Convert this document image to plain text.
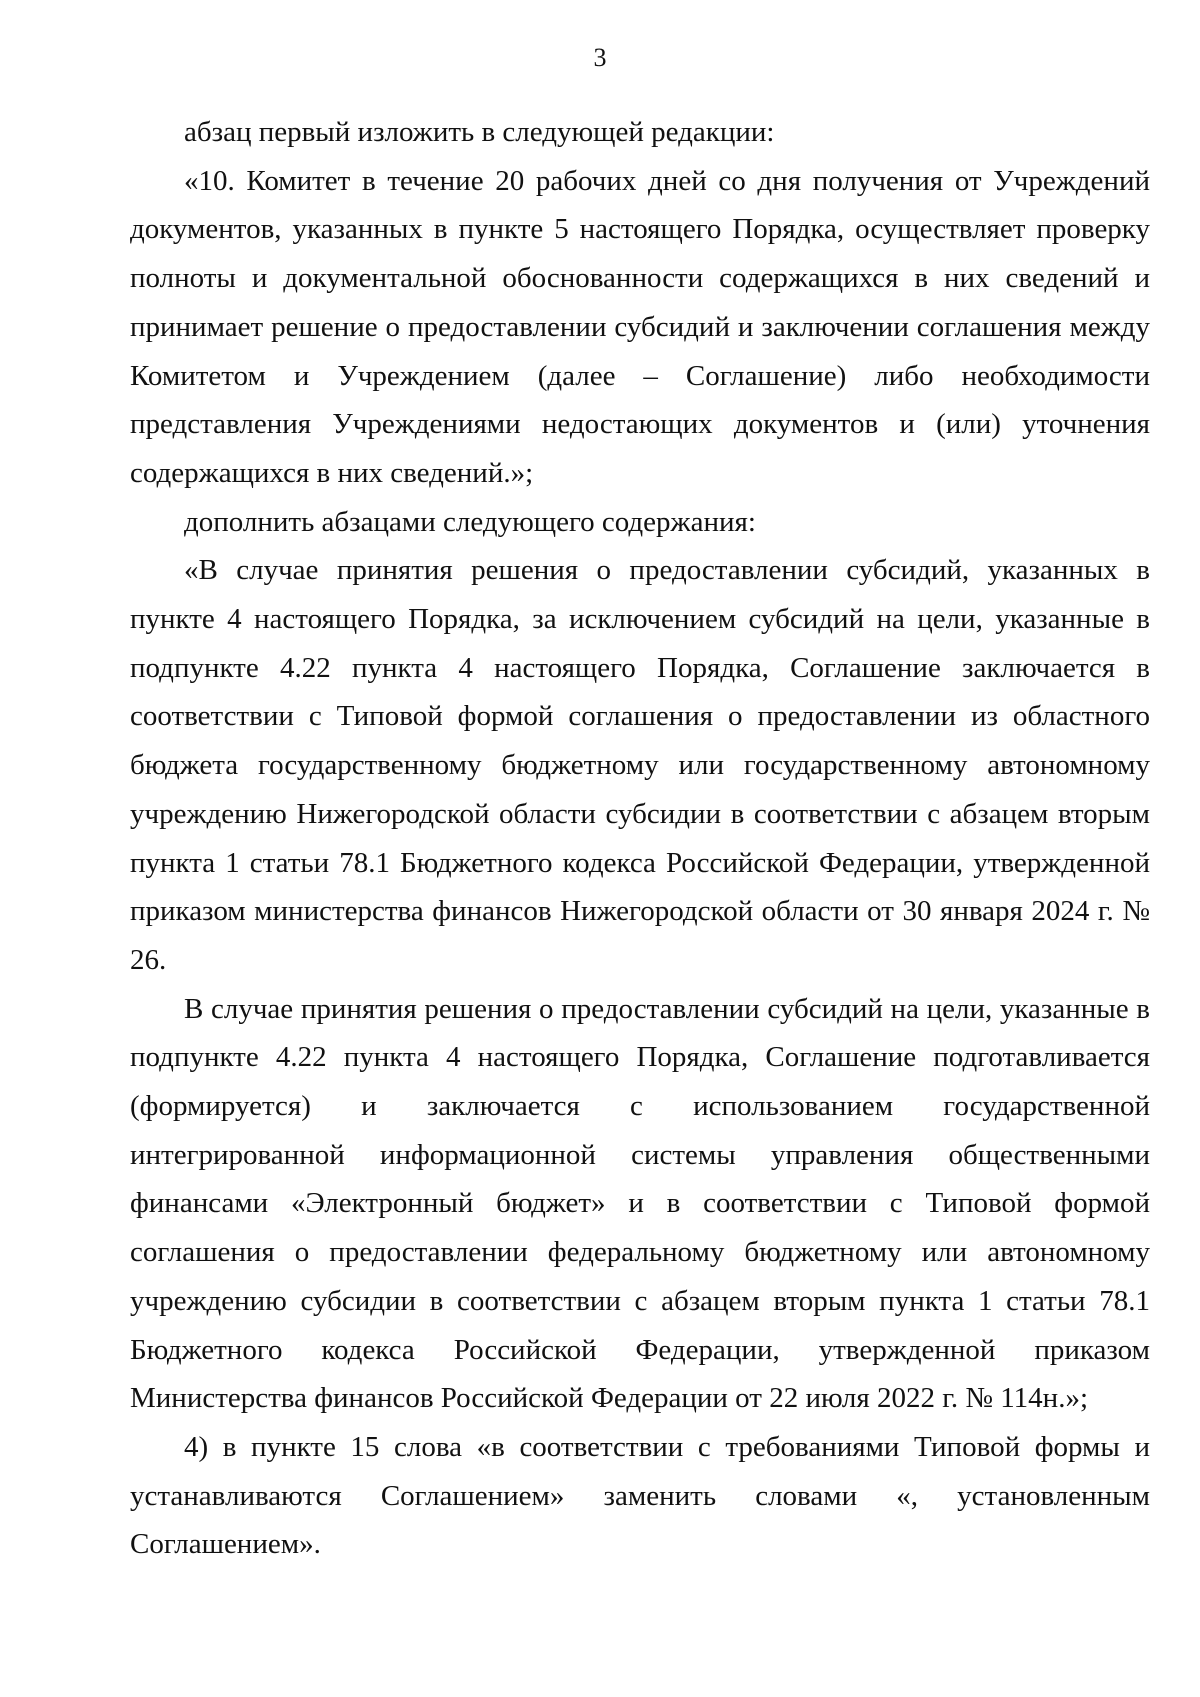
3

абзац первый изложить в следующей редакции:

«10. Комитет в течение 20 рабочих дней со дня получения от Учреждений документов, указанных в пункте 5 настоящего Порядка, осуществляет проверку полноты и документальной обоснованности содержащихся в них сведений и принимает решение о предоставлении субсидий и заключении соглашения между Комитетом и Учреждением (далее – Соглашение) либо необходимости представления Учреждениями недостающих документов и (или) уточнения содержащихся в них сведений.»;

дополнить абзацами следующего содержания:

«В случае принятия решения о предоставлении субсидий, указанных в пункте 4 настоящего Порядка, за исключением субсидий на цели, указанные в подпункте 4.22 пункта 4 настоящего Порядка, Соглашение заключается в соответствии с Типовой формой соглашения о предоставлении из областного бюджета государственному бюджетному или государственному автономному учреждению Нижегородской области субсидии в соответствии с абзацем вторым пункта 1 статьи 78.1 Бюджетного кодекса Российской Федерации, утвержденной приказом министерства финансов Нижегородской области от 30 января 2024 г. № 26.

В случае принятия решения о предоставлении субсидий на цели, указанные в подпункте 4.22 пункта 4 настоящего Порядка, Соглашение подготавливается (формируется) и заключается с использованием государственной интегрированной информационной системы управления общественными финансами «Электронный бюджет» и в соответствии с Типовой формой соглашения о предоставлении федеральному бюджетному или автономному учреждению субсидии в соответствии с абзацем вторым пункта 1 статьи 78.1 Бюджетного кодекса Российской Федерации, утвержденной приказом Министерства финансов Российской Федерации от 22 июля 2022 г. № 114н.»;

4) в пункте 15 слова «в соответствии с требованиями Типовой формы и устанавливаются Соглашением» заменить словами «, установленным Соглашением».
